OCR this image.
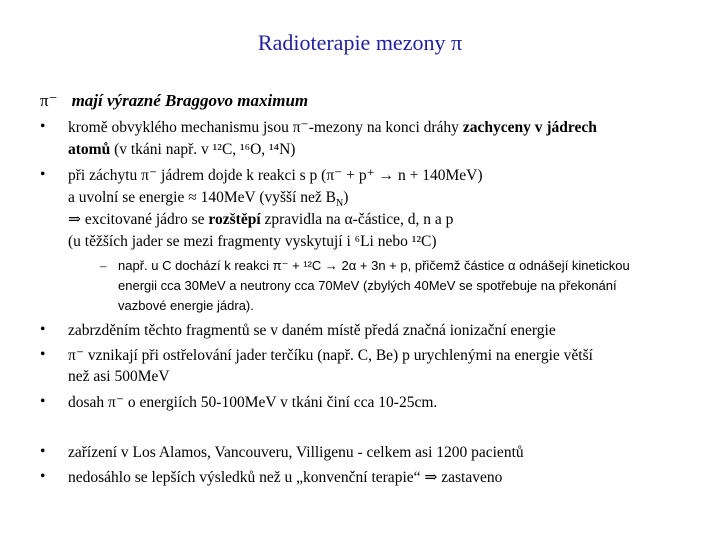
Radioterapie mezony π
π⁻ mají výrazné Braggovo maximum
• kromě obvyklého mechanismu jsou π⁻-mezony na konci dráhy zachyceny v jádrech
atomů (v tkáni např. v ¹²C, ¹⁶O, ¹⁴N)
• při záchytu π⁻ jádrem dojde k reakci s p (π⁻ + p⁺ → n + 140MeV)
a uvolní se energie ≈ 140MeV (vyšší než $B_N$)
⇒ excitované jádro se rozštěpí zpravidla na α-částice, d, n a p
(u těžších jader se mezi fragmenty vyskytují i ⁶Li nebo ¹²C)
– např. u C dochází k reakci π⁻ + ¹²C → 2α + 3n + p, přičemž částice α odnášejí kinetickou
energii cca 30MeV a neutrony cca 70MeV (zbylých 40MeV se spotřebuje na překonání
vazbové energie jádra).
• zabrzděním těchto fragmentů se v daném místě předá značná ionizační energie
• π⁻ vznikají při ostřelování jader terčíku (např. C, Be) p urychlenými na energie větší
než asi 500MeV
• dosah π⁻ o energiích 50-100MeV v tkáni činí cca 10-25cm.
• zařízení v Los Alamos, Vancouveru, Villigenu - celkem asi 1200 pacientů
• nedosáhlo se lepších výsledků než u „konvenční terapie“ ⇒ zastaveno
